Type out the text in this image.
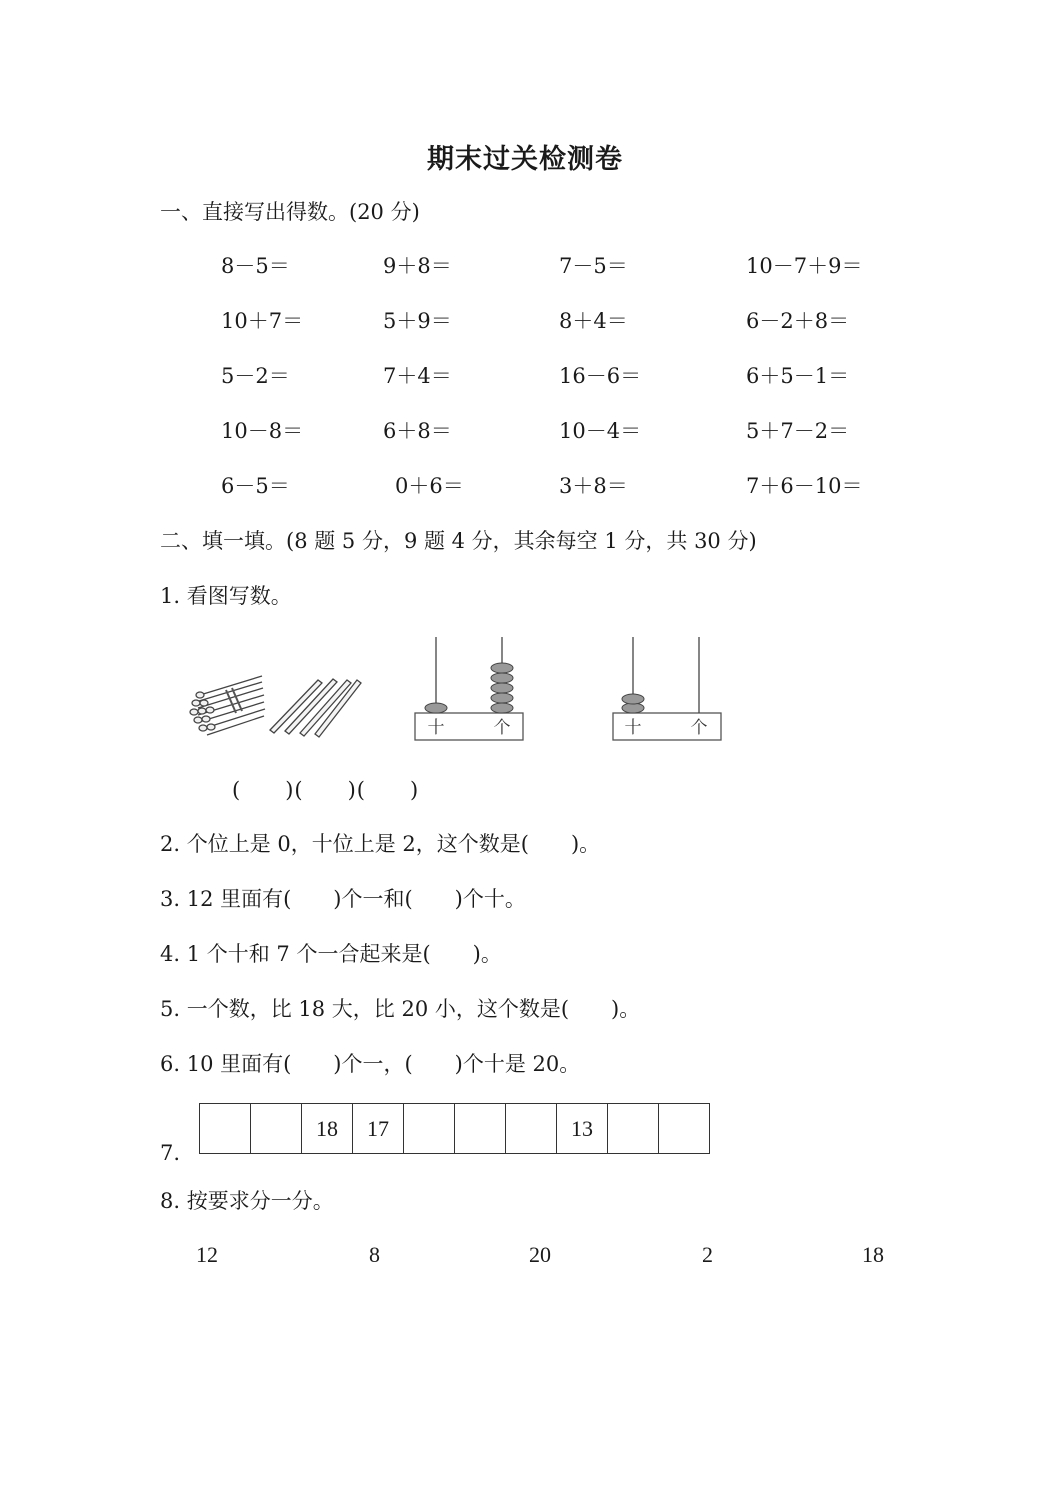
期末过关检测卷
一、直接写出得数。(20 分)
8－5＝	9＋8＝	7－5＝	10－7＋9＝
10＋7＝	5＋9＝	8＋4＝	6－2＋8＝
5－2＝	7＋4＝	16－6＝	6＋5－1＝
10－8＝	6＋8＝	10－4＝	5＋7－2＝
6－5＝	0＋6＝	3＋8＝	7＋6－10＝
二、填一填。(8 题 5 分，9 题 4 分，其余每空 1 分，共 30 分)
1. 看图写数。
十	个	十	个
(　　)(　　)(　　)
2. 个位上是 0，十位上是 2，这个数是(　　)。
3. 12 里面有(　　)个一和(　　)个十。
4. 1 个十和 7 个一合起来是(　　)。
5. 一个数，比 18 大，比 20 小，这个数是(　　)。
6. 10 里面有(　　)个一，(　　)个十是 20。
7.
		18	17				13		
8. 按要求分一分。
12	8	20	2	18
